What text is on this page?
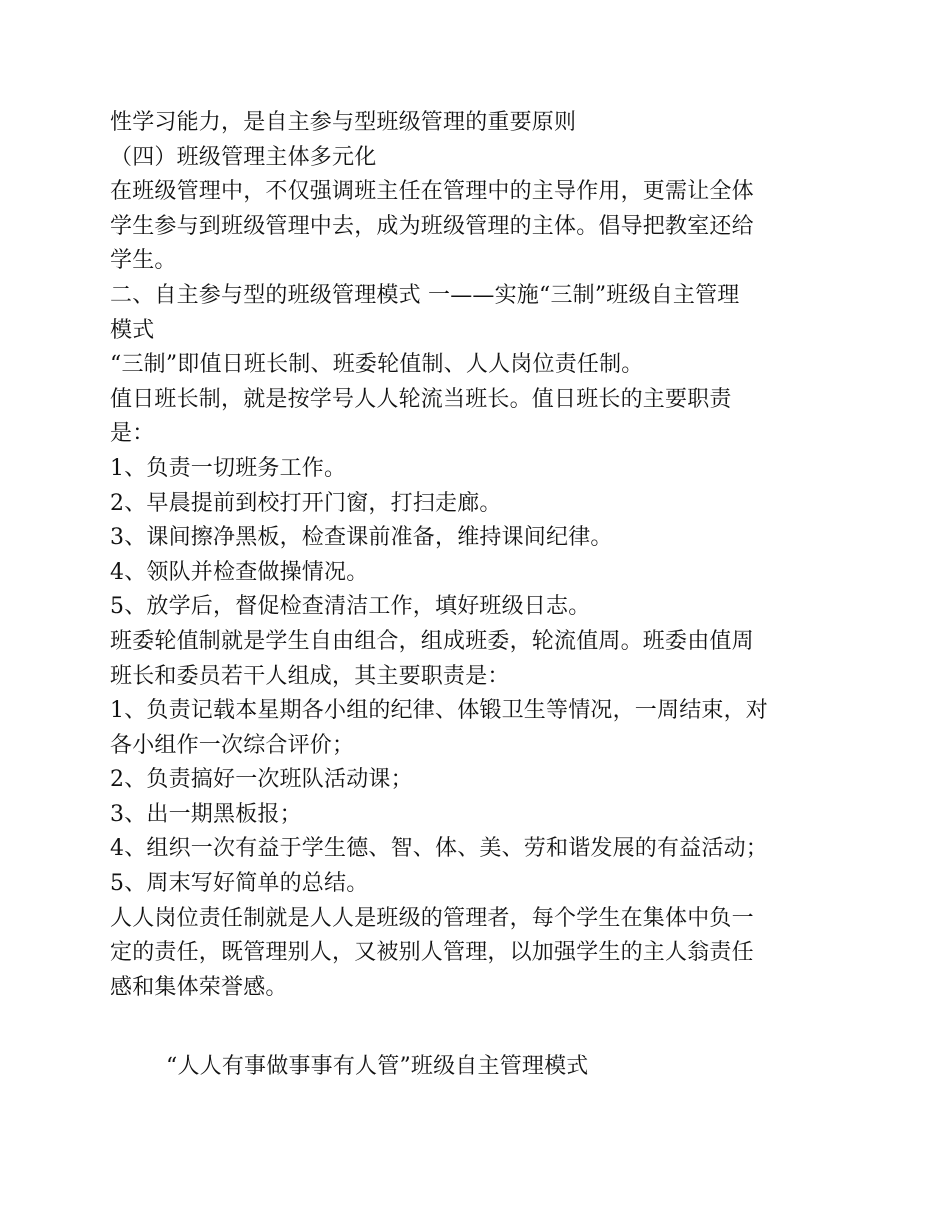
性学习能力，是自主参与型班级管理的重要原则
（四）班级管理主体多元化
在班级管理中，不仅强调班主任在管理中的主导作用，更需让全体
学生参与到班级管理中去，成为班级管理的主体。倡导把教室还给
学生。
二、自主参与型的班级管理模式 一——实施“三制”班级自主管理
模式
“三制”即值日班长制、班委轮值制、人人岗位责任制。
值日班长制，就是按学号人人轮流当班长。值日班长的主要职责
是：
1、负责一切班务工作。
2、早晨提前到校打开门窗，打扫走廊。
3、课间擦净黑板，检查课前准备，维持课间纪律。
4、领队并检查做操情况。
5、放学后，督促检查清洁工作，填好班级日志。
班委轮值制就是学生自由组合，组成班委，轮流值周。班委由值周
班长和委员若干人组成，其主要职责是：
1、负责记载本星期各小组的纪律、体锻卫生等情况，一周结束，对
各小组作一次综合评价；
2、负责搞好一次班队活动课；
3、出一期黑板报；
4、组织一次有益于学生德、智、体、美、劳和谐发展的有益活动；
5、周末写好简单的总结。
人人岗位责任制就是人人是班级的管理者，每个学生在集体中负一
定的责任，既管理别人，又被别人管理，以加强学生的主人翁责任
感和集体荣誉感。
“人人有事做事事有人管”班级自主管理模式
